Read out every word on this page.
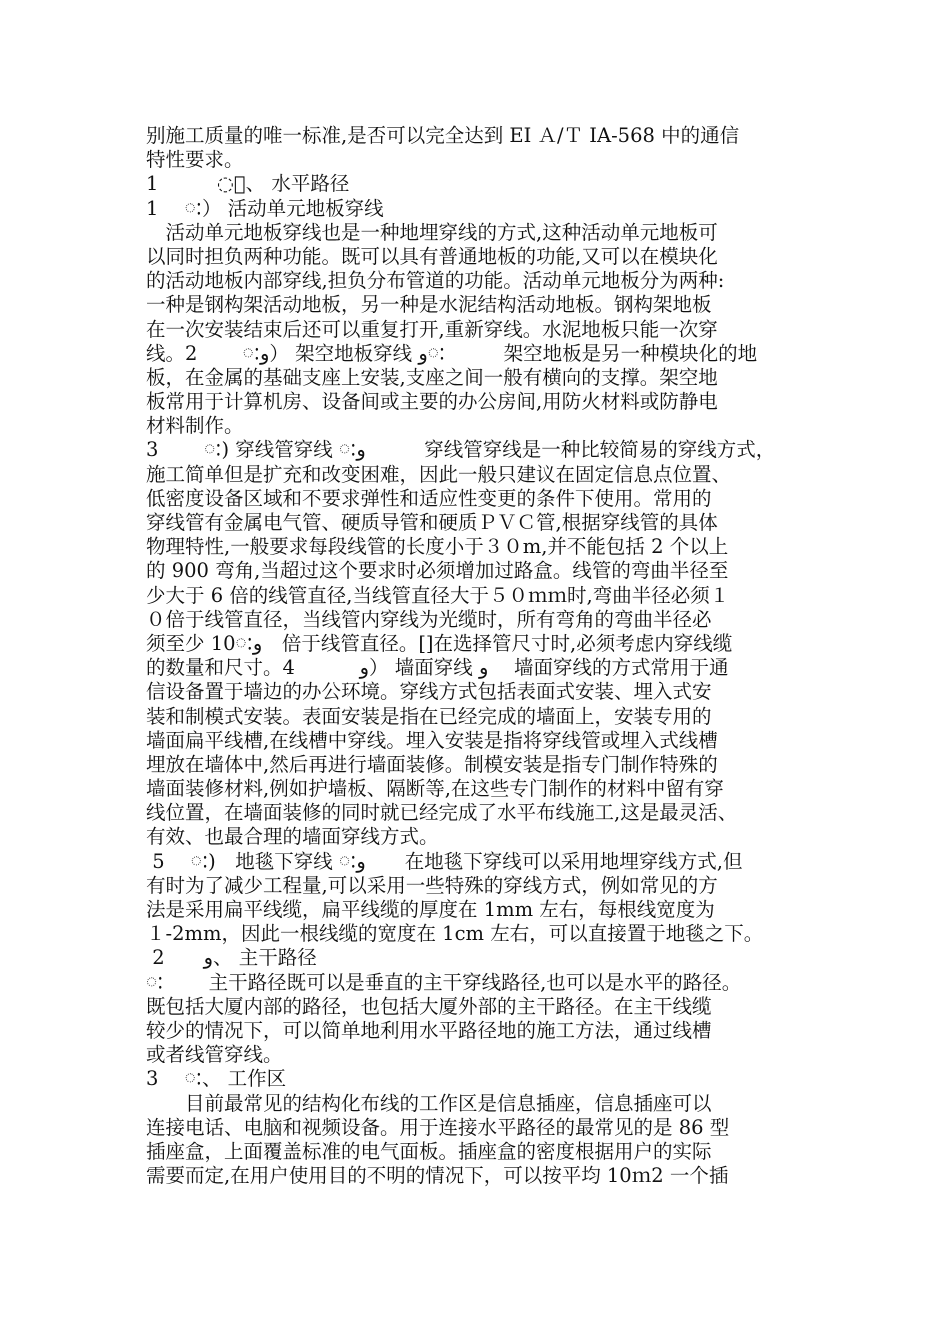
别施工质量的唯一标准,是否可以完全达到 EI Ａ/Ｔ IA-568 中的通信
特性要求。
1　　　ៈ、 水平路径
1　 ៈ） 活动单元地板穿线
　活动单元地板穿线也是一种地埋穿线的方式,这种活动单元地板可
以同时担负两种功能。既可以具有普通地板的功能,又可以在模块化
的活动地板内部穿线,担负分布管道的功能。活动单元地板分为两种:
一种是钢构架活动地板，另一种是水泥结构活动地板。钢构架地板
在一次安装结束后还可以重复打开,重新穿线。水泥地板只能一次穿
线。2　　 ៈو） 架空地板穿线 وៈ　　　架空地板是另一种模块化的地
板，在金属的基础支座上安装,支座之间一般有横向的支撑。架空地
板常用于计算机房、设备间或主要的办公房间,用防火材料或防静电
材料制作。
3　　 ៈ) 穿线管穿线 ៈو　　　穿线管穿线是一种比较简易的穿线方式，
施工简单但是扩充和改变困难，因此一般只建议在固定信息点位置、
低密度设备区域和不要求弹性和适应性变更的条件下使用。常用的
穿线管有金属电气管、硬质导管和硬质ＰＶＣ管,根据穿线管的具体
物理特性,一般要求每段线管的长度小于３０m,并不能包括 2 个以上
的 900 弯角,当超过这个要求时必须增加过路盒。线管的弯曲半径至
少大于 6 倍的线管直径,当线管直径大于５０ｍｍ时,弯曲半径必须１
０倍于线管直径，当线管内穿线为光缆时，所有弯角的弯曲半径必
须至少 10ៈو　倍于线管直径。[]在选择管尺寸时,必须考虑内穿线缆
的数量和尺寸。4　　　 و） 墙面穿线 و　 墙面穿线的方式常用于通
信设备置于墙边的办公环境。穿线方式包括表面式安装、埋入式安
装和制模式安装。表面安装是指在已经完成的墙面上，安装专用的
墙面扁平线槽,在线槽中穿线。埋入安装是指将穿线管或埋入式线槽
埋放在墙体中,然后再进行墙面装修。制模安装是指专门制作特殊的
墙面装修材料,例如护墙板、隔断等,在这些专门制作的材料中留有穿
线位置，在墙面装修的同时就已经完成了水平布线施工,这是最灵活、
有效、也最合理的墙面穿线方式。
5　 ៈ)　地毯下穿线 ៈو　　在地毯下穿线可以采用地埋穿线方式,但
有时为了减少工程量,可以采用一些特殊的穿线方式，例如常见的方
法是采用扁平线缆，扁平线缆的厚度在 1mm 左右，每根线宽度为
１-2mm，因此一根线缆的宽度在 1cm 左右，可以直接置于地毯之下。
2　　و、 主干路径
ៈ　　 主干路径既可以是垂直的主干穿线路径,也可以是水平的路径。
既包括大厦内部的路径，也包括大厦外部的主干路径。在主干线缆
较少的情况下，可以简单地利用水平路径地的施工方法，通过线槽
或者线管穿线。
3　 ៈ、 工作区
　　目前最常见的结构化布线的工作区是信息插座，信息插座可以
连接电话、电脑和视频设备。用于连接水平路径的最常见的是 86 型
插座盒，上面覆盖标准的电气面板。插座盒的密度根据用户的实际
需要而定,在用户使用目的不明的情况下，可以按平均 10ｍ2 一个插
